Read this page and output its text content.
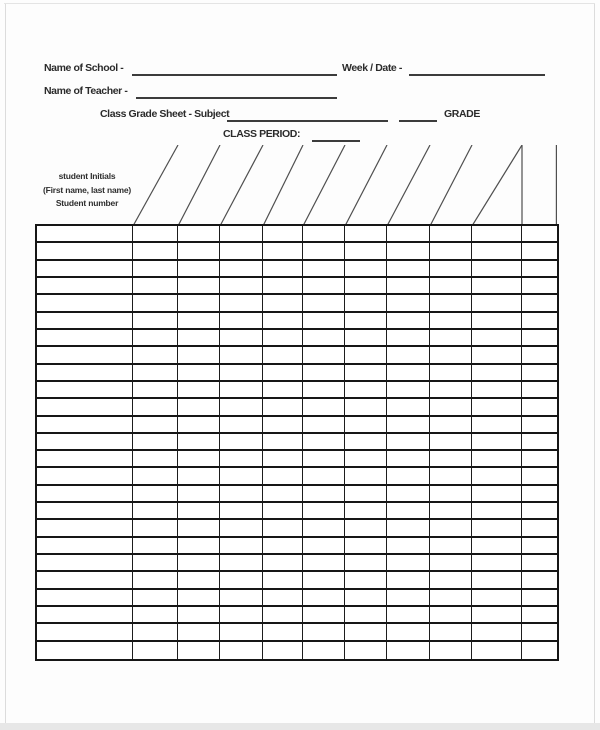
Name of School -	Week / Date -
Name of Teacher -
Class Grade Sheet - Subject	GRADE
CLASS PERIOD:
student Initials
(First name, last name)
Student number
